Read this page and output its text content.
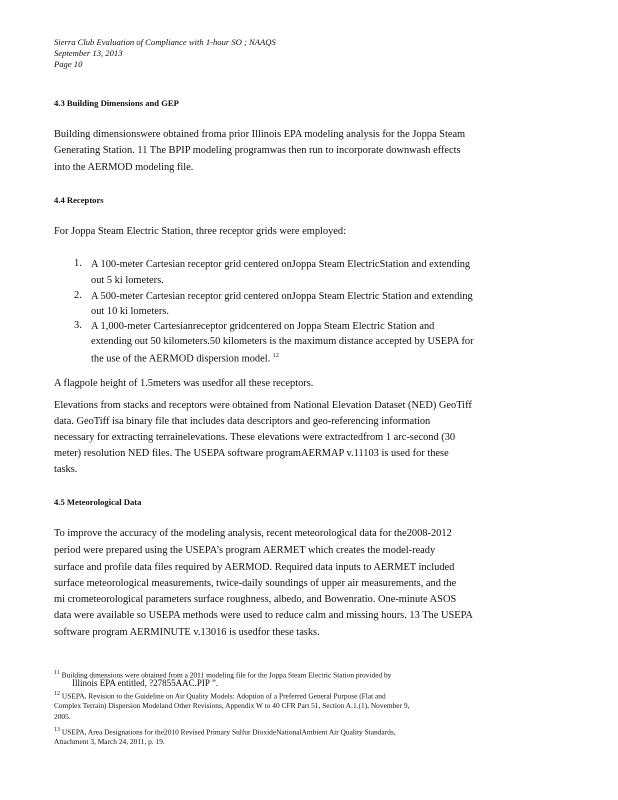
Sierra Club Evaluation of Compliance with 1-hour SO ; NAAQS
September 13, 2013
Page 10
4.3 Building Dimensions and GEP
Building dimensionswere obtained froma prior Illinois EPA modeling analysis for the Joppa Steam
Generating Station. 11 The BPIP modeling programwas then run to incorporate downwash effects
into the AERMOD modeling file.
4.4 Receptors
For Joppa Steam Electric Station, three receptor grids were employed:
1. A 100-meter Cartesian receptor grid centered onJoppa Steam ElectricStation and extending
out 5 ki lometers.
2. A 500-meter Cartesian receptor grid centered onJoppa Steam Electric Station and extending
out 10 ki lometers.
3. A 1,000-meter Cartesianreceptor gridcentered on Joppa Steam Electric Station and
extending out 50 kilometers.50 kilometers is the maximum distance accepted by USEPA for
the use of the AERMOD dispersion model. $^{12}$
A flagpole height of 1.5meters was usedfor all these receptors.
Elevations from stacks and receptors were obtained from National Elevation Dataset (NED) GeoTiff
data. GeoTiff isa binary file that includes data descriptors and geo-referencing information
necessary for extracting terrainelevations. These elevations were extractedfrom 1 arc-second (30
meter) resolution NED files. The USEPA software programAERMAP v.11103 is used for these
tasks.
4.5 Meteorological Data
To improve the accuracy of the modeling analysis, recent meteorological data for the2008-2012
period were prepared using the USEPA’s program AERMET which creates the model-ready
surface and profile data files required by AERMOD. Required data inputs to AERMET included
surface meteorological measurements, twice-daily soundings of upper air measurements, and the
mi crometeorological parameters surface roughness, albedo, and Bowenratio. One-minute ASOS
data were available so USEPA methods were used to reduce calm and missing hours. 13 The USEPA
software program AERMINUTE v.13016 is usedfor these tasks.
$^{11}$ Building dimensions were obtained from a 2011 modeling file for the Joppa Steam Electric Station provided by
Illinois EPA entitled, ?27855AAC.PIP ”.
$^{12}$ USEPA, Revision to the Guideline on Air Quality Models: Adoption of a Preferred General Purpose (Flat and
Complex Terrain) Dispersion Modeland Other Revisions, Appendix W to 40 CFR Part 51, Section A.1.(1), November 9,
2005.
$^{13}$ USEPA, Area Designations for the2010 Revised Primary Sulfur DioxideNationalAmbient Air Quality Standards,
Attachment 3, March 24, 2011, p. 19.
